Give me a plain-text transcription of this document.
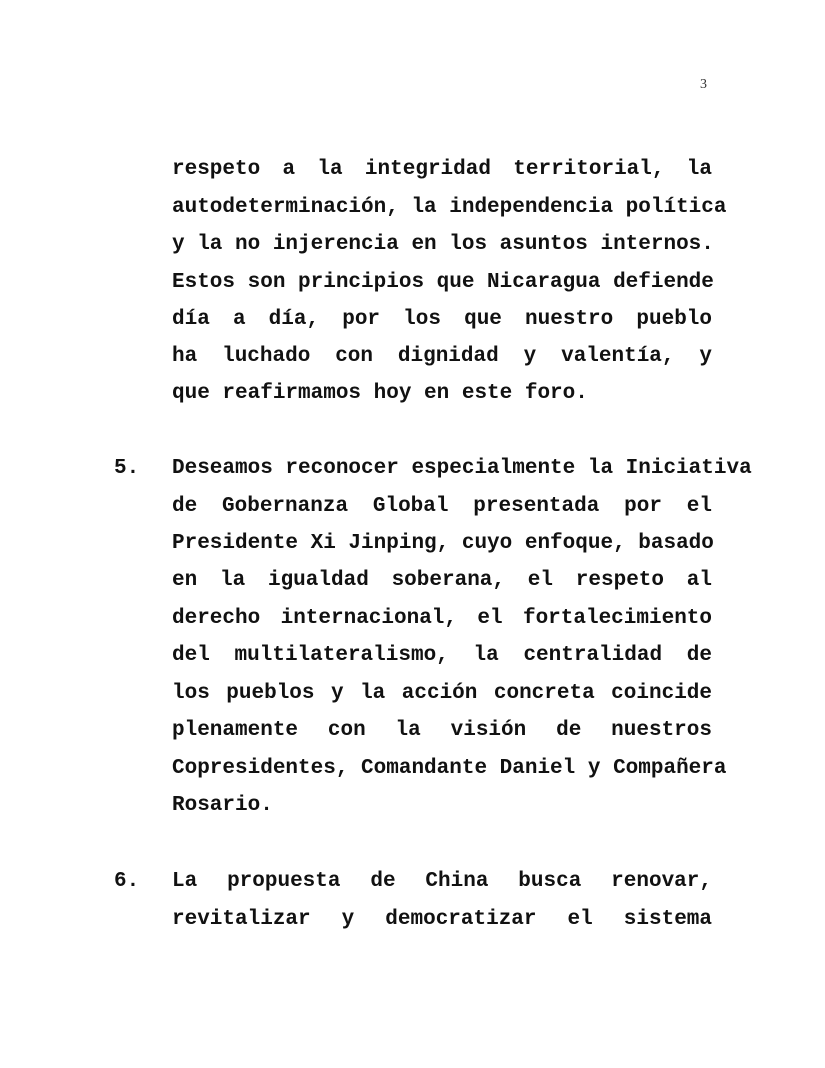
3
respeto a la integridad territorial, la
autodeterminación, la independencia política
y la no injerencia en los asuntos internos.
Estos son principios que Nicaragua defiende
día a día, por los que nuestro pueblo
ha luchado con dignidad y valentía, y
que reafirmamos hoy en este foro.
5. Deseamos reconocer especialmente la Iniciativa
de Gobernanza Global presentada por el
Presidente Xi Jinping, cuyo enfoque, basado
en la igualdad soberana, el respeto al
derecho internacional, el fortalecimiento
del multilateralismo, la centralidad de
los pueblos y la acción concreta coincide
plenamente con la visión de nuestros
Copresidentes, Comandante Daniel y Compañera
Rosario.
6. La propuesta de China busca renovar,
revitalizar y democratizar el sistema
